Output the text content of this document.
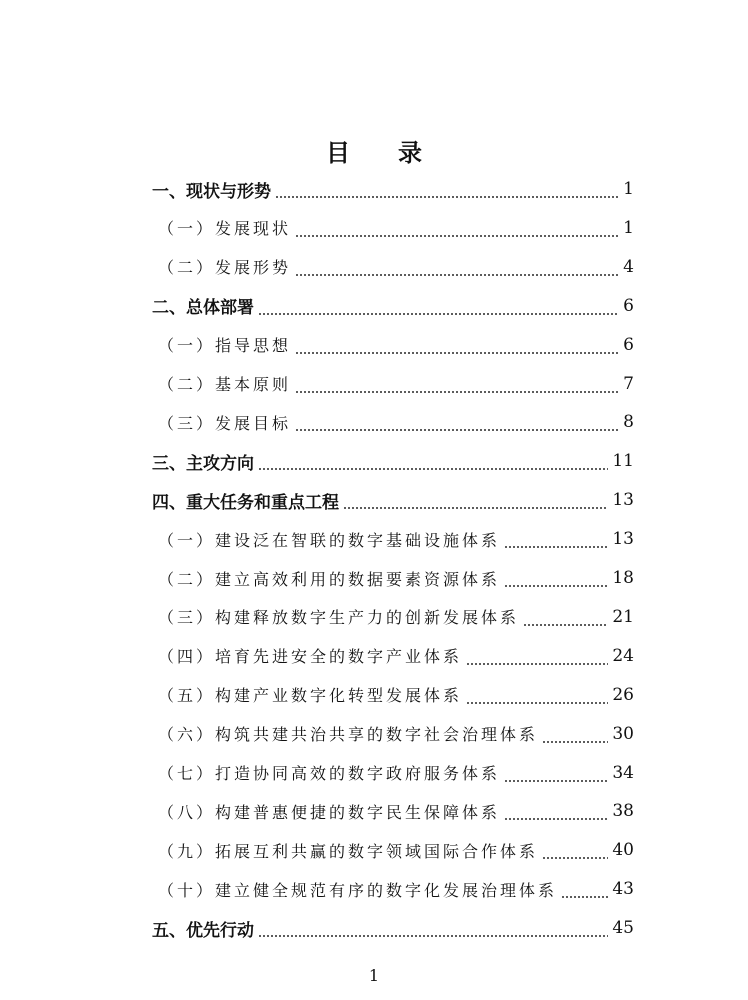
目 录
一、现状与形势	1
（一）发展现状	1
（二）发展形势	4
二、总体部署	6
（一）指导思想	6
（二）基本原则	7
（三）发展目标	8
三、主攻方向	11
四、重大任务和重点工程	13
（一）建设泛在智联的数字基础设施体系	13
（二）建立高效利用的数据要素资源体系	18
（三）构建释放数字生产力的创新发展体系	21
（四）培育先进安全的数字产业体系	24
（五）构建产业数字化转型发展体系	26
（六）构筑共建共治共享的数字社会治理体系	30
（七）打造协同高效的数字政府服务体系	34
（八）构建普惠便捷的数字民生保障体系	38
（九）拓展互利共赢的数字领域国际合作体系	40
（十）建立健全规范有序的数字化发展治理体系	43
五、优先行动	45
1
